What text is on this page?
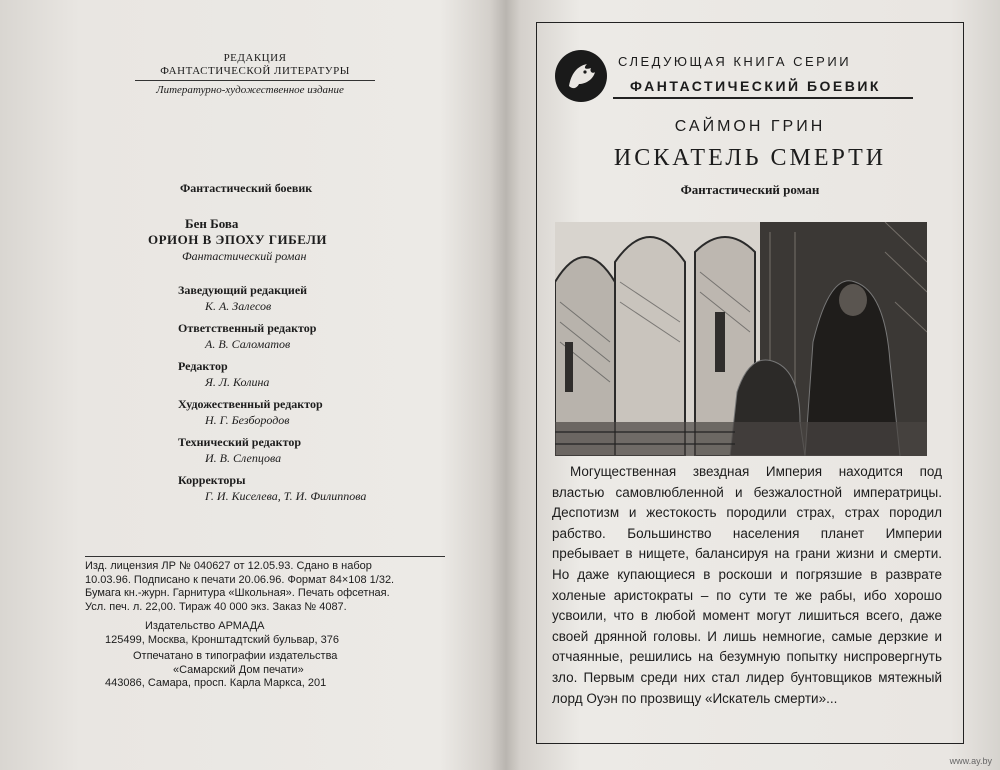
РЕДАКЦИЯ
ФАНТАСТИЧЕСКОЙ ЛИТЕРАТУРЫ
Литературно-художественное издание
Фантастический боевик
Бен Бова
ОРИОН В ЭПОХУ ГИБЕЛИ
Фантастический роман
Заведующий редакцией
К. А. Залесов
Ответственный редактор
А. В. Саломатов
Редактор
Я. Л. Колина
Художественный редактор
Н. Г. Безбородов
Технический редактор
И. В. Слепцова
Корректоры
Г. И. Киселева, Т. И. Филиппова
Изд. лицензия ЛР № 040627 от 12.05.93. Сдано в набор
10.03.96. Подписано к печати 20.06.96. Формат 84×108 1/32.
Бумага кн.-журн. Гарнитура «Школьная». Печать офсетная.
Усл. печ. л. 22,00. Тираж 40 000 экз. Заказ № 4087.
Издательство АРМАДА
125499, Москва, Кронштадтский бульвар, 376
Отпечатано в типографии издательства
«Самарский Дом печати»
443086, Самара, просп. Карла Маркса, 201
СЛЕДУЮЩАЯ КНИГА СЕРИИ
ФАНТАСТИЧЕСКИЙ БОЕВИК
САЙМОН ГРИН
ИСКАТЕЛЬ СМЕРТИ
Фантастический роман

Могущественная звездная Империя находится под властью самовлюбленной и безжалостной императрицы. Деспотизм и жестокость породили страх, страх породил рабство. Большинство населения планет Империи пребывает в нищете, балансируя на грани жизни и смерти. Но даже купающиеся в роскоши и погрязшие в разврате холеные аристократы – по сути те же рабы, ибо хорошо усвоили, что в любой момент могут лишиться всего, даже своей дрянной головы. И лишь немногие, самые дерзкие и отчаянные, решились на безумную попытку ниспровергнуть зло. Первым среди них стал лидер бунтовщиков мятежный лорд Оуэн по прозвищу «Искатель смерти»...

www.ay.by
